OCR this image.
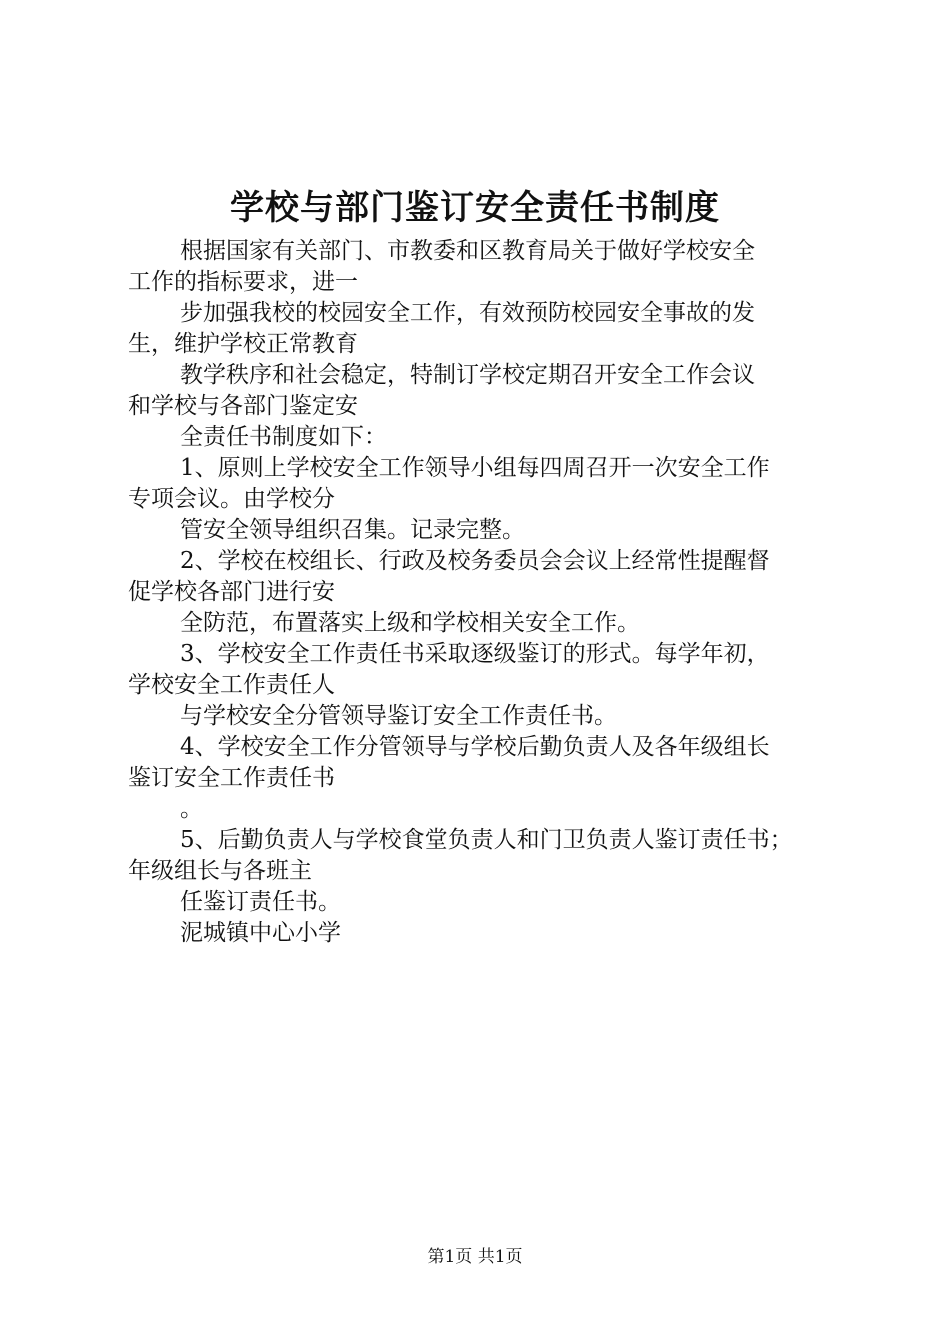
学校与部门鉴订安全责任书制度
根据国家有关部门、市教委和区教育局关于做好学校安全
工作的指标要求，进一
步加强我校的校园安全工作，有效预防校园安全事故的发
生，维护学校正常教育
教学秩序和社会稳定，特制订学校定期召开安全工作会议
和学校与各部门鉴定安
全责任书制度如下：
1、原则上学校安全工作领导小组每四周召开一次安全工作
专项会议。由学校分
管安全领导组织召集。记录完整。
2、学校在校组长、行政及校务委员会会议上经常性提醒督
促学校各部门进行安
全防范，布置落实上级和学校相关安全工作。
3、学校安全工作责任书采取逐级鉴订的形式。每学年初，
学校安全工作责任人
与学校安全分管领导鉴订安全工作责任书。
4、学校安全工作分管领导与学校后勤负责人及各年级组长
鉴订安全工作责任书
。
5、后勤负责人与学校食堂负责人和门卫负责人鉴订责任书；
年级组长与各班主
任鉴订责任书。
泥城镇中心小学
第1页 共1页
